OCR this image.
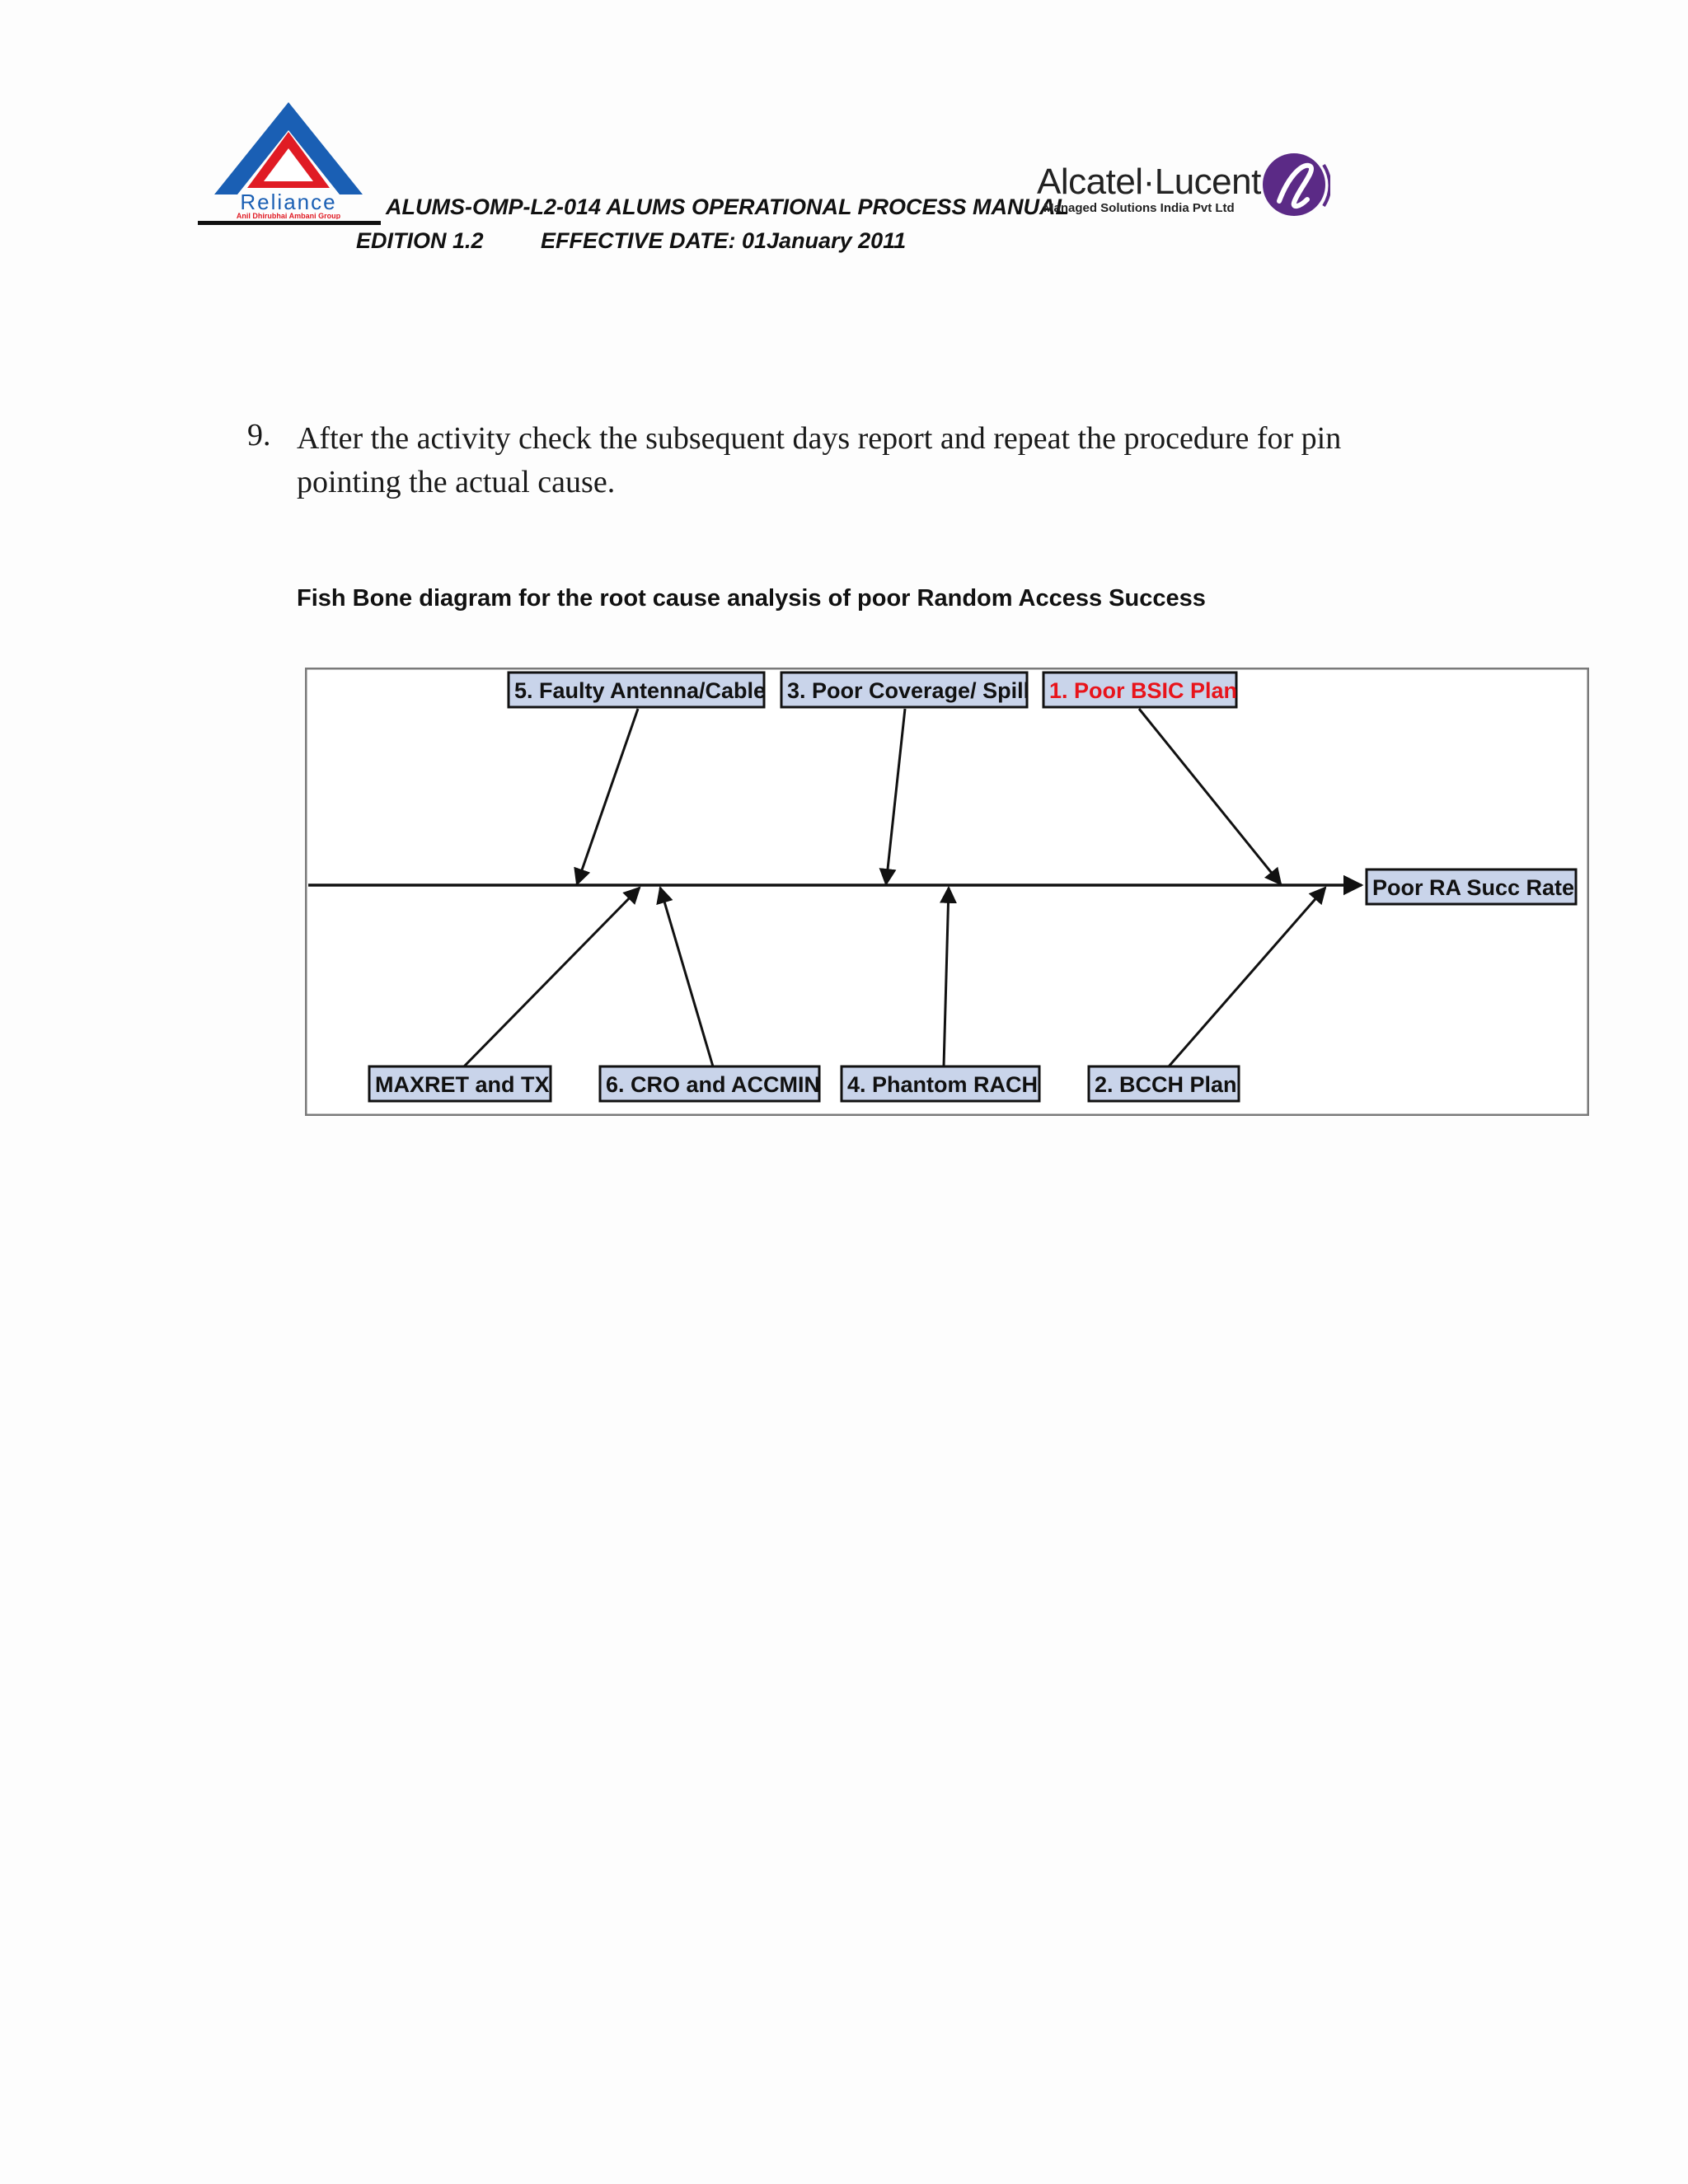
Reliance
Anil Dhirubhai Ambani Group ALUMS-OMP-L2-014 ALUMS OPERATIONAL PROCESS MANUAL
EDITION 1.2	EFFECTIVE DATE: 01January 2011
Alcatel·Lucent
Managed Solutions India Pvt Ltd
9. After the activity check the subsequent days report and repeat the procedure for pin pointing the actual cause.
Fish Bone diagram for the root cause analysis of poor Random Access Success
5. Faulty Antenna/Cable 3. Poor Coverage/ Spill 1. Poor BSIC Plan
Poor RA Succ Rate
MAXRET and TX	6. CRO and ACCMIN 4. Phantom RACH	2. BCCH Plan
